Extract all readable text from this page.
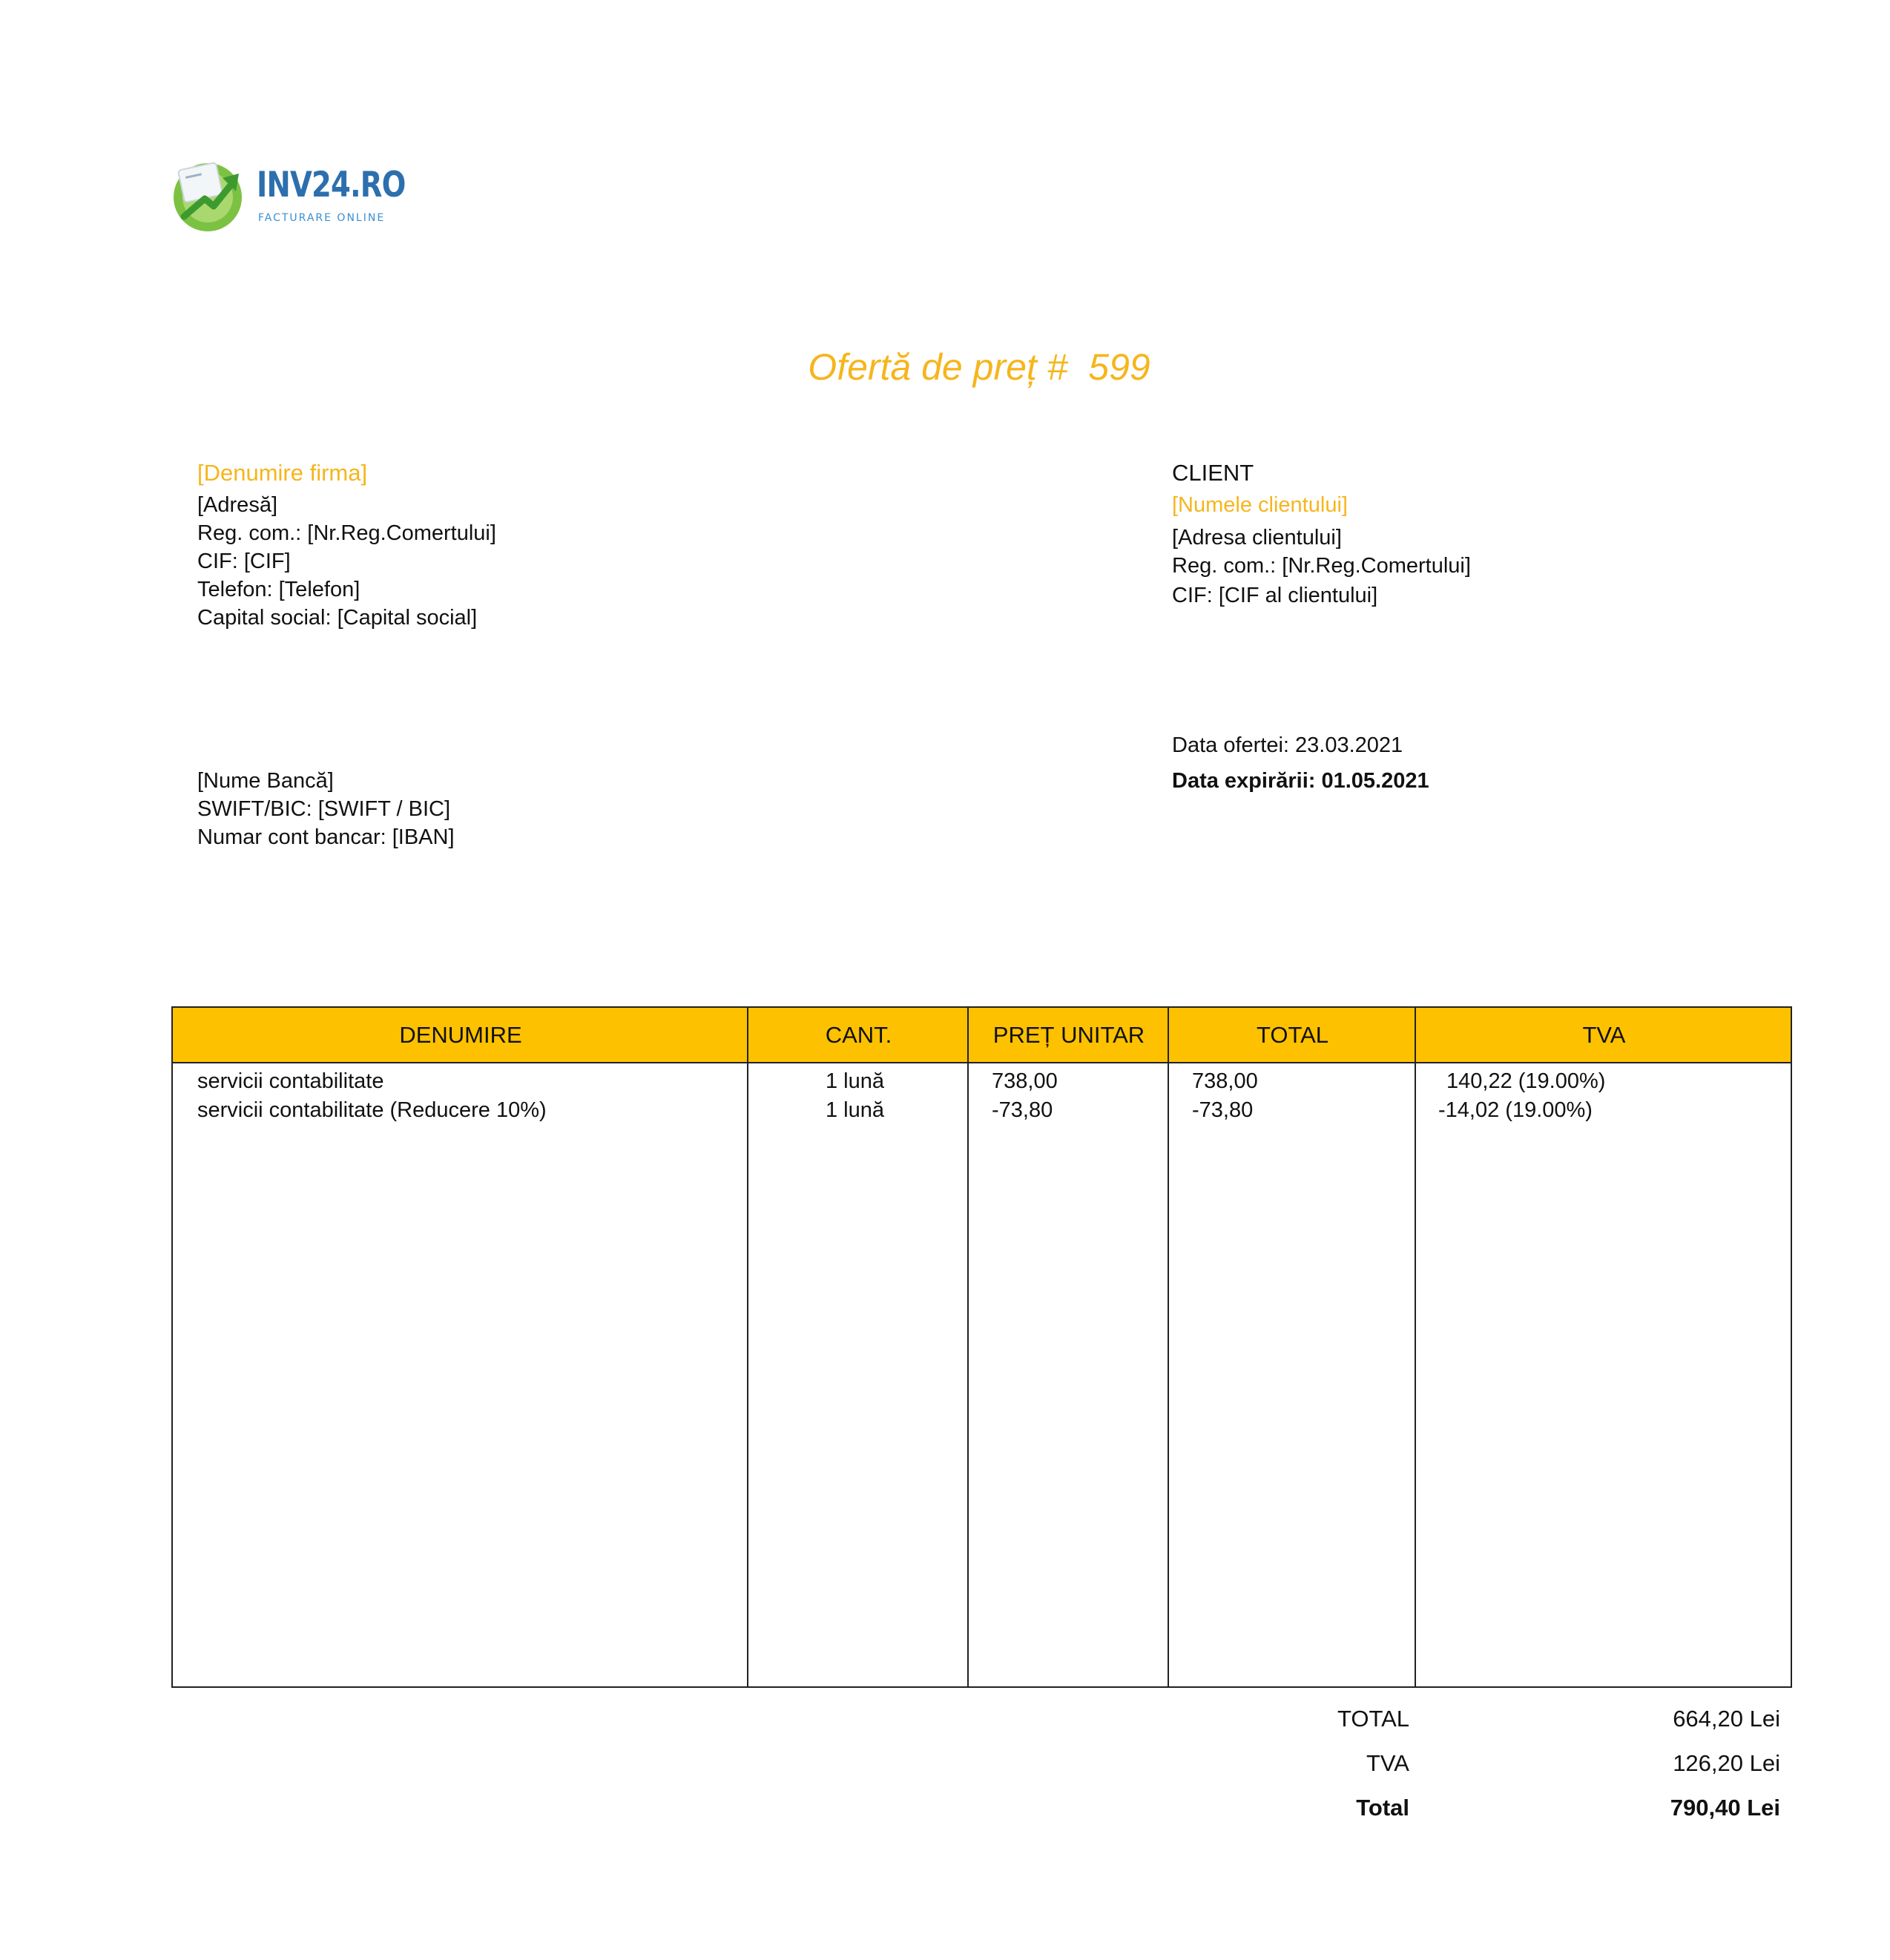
INV24.RO
FACTURARE ONLINE
Ofertă de preț #  599
[Denumire firma]
[Adresă]
Reg. com.: [Nr.Reg.Comertului]
CIF: [CIF]
Telefon: [Telefon]
Capital social: [Capital social]
[Nume Bancă]
SWIFT/BIC: [SWIFT / BIC]
Numar cont bancar: [IBAN]
CLIENT
[Numele clientului]
[Adresa clientului]
Reg. com.: [Nr.Reg.Comertului]
CIF: [CIF al clientului]
Data ofertei: 23.03.2021
Data expirării: 01.05.2021
DENUMIRE	CANT.	PREȚ UNITAR	TOTAL	TVA
servicii contabilitate	1 lună	738,00	738,00	140,22 (19.00%)
servicii contabilitate (Reducere 10%)	1 lună	-73,80	-73,80	-14,02 (19.00%)
TOTAL	664,20 Lei
TVA	126,20 Lei
Total	790,40 Lei
